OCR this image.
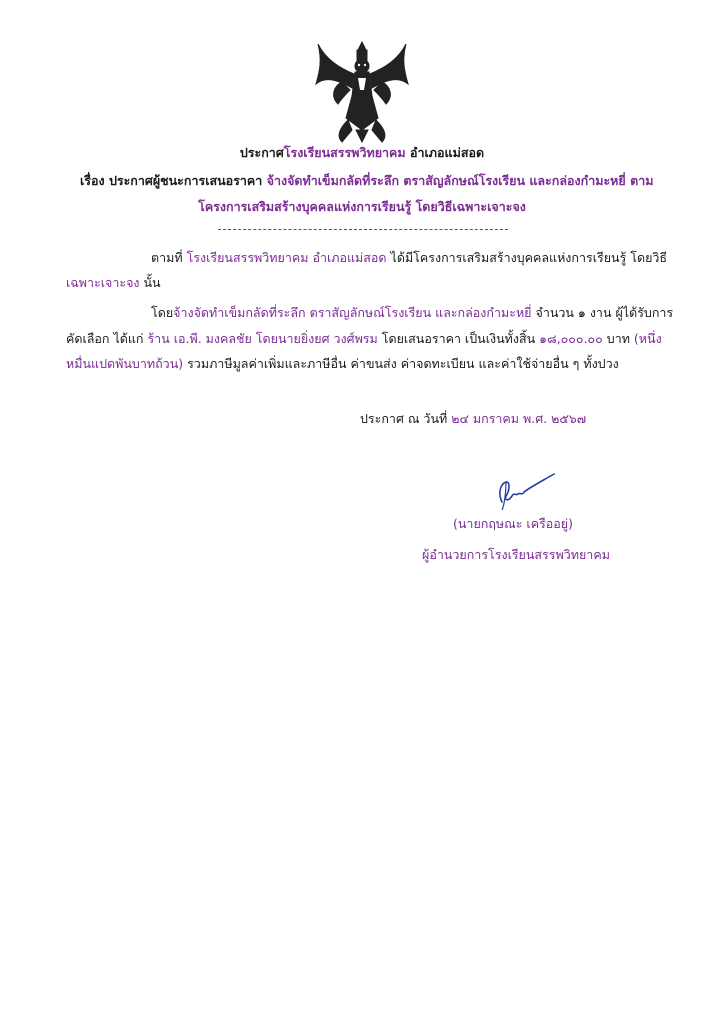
ประกาศโรงเรียนสรรพวิทยาคม อำเภอแม่สอด
เรื่อง ประกาศผู้ชนะการเสนอราคา จ้างจัดทำเข็มกลัดที่ระลึก ตราสัญลักษณ์โรงเรียน และกล่องกำมะหยี่ ตาม
โครงการเสริมสร้างบุคคลแห่งการเรียนรู้ โดยวิธีเฉพาะเจาะจง
ตามที่ โรงเรียนสรรพวิทยาคม อำเภอแม่สอด ได้มีโครงการเสริมสร้างบุคคลแห่งการเรียนรู้ โดยวิธี
เฉพาะเจาะจง นั้น
โดยจ้างจัดทำเข็มกลัดที่ระลึก ตราสัญลักษณ์โรงเรียน และกล่องกำมะหยี่ จำนวน ๑ งาน ผู้ได้รับการ
คัดเลือก ได้แก่ ร้าน เอ.พี. มงคลชัย โดยนายยิ่งยศ วงศ์พรม โดยเสนอราคา เป็นเงินทั้งสิ้น ๑๘,๐๐๐.๐๐ บาท (หนึ่ง
หมื่นแปดพันบาทถ้วน) รวมภาษีมูลค่าเพิ่มและภาษีอื่น ค่าขนส่ง ค่าจดทะเบียน และค่าใช้จ่ายอื่น ๆ ทั้งปวง
ประกาศ ณ วันที่ ๒๔ มกราคม พ.ศ. ๒๕๖๗
(นายกฤษณะ เครืออยู่)
ผู้อำนวยการโรงเรียนสรรพวิทยาคม
